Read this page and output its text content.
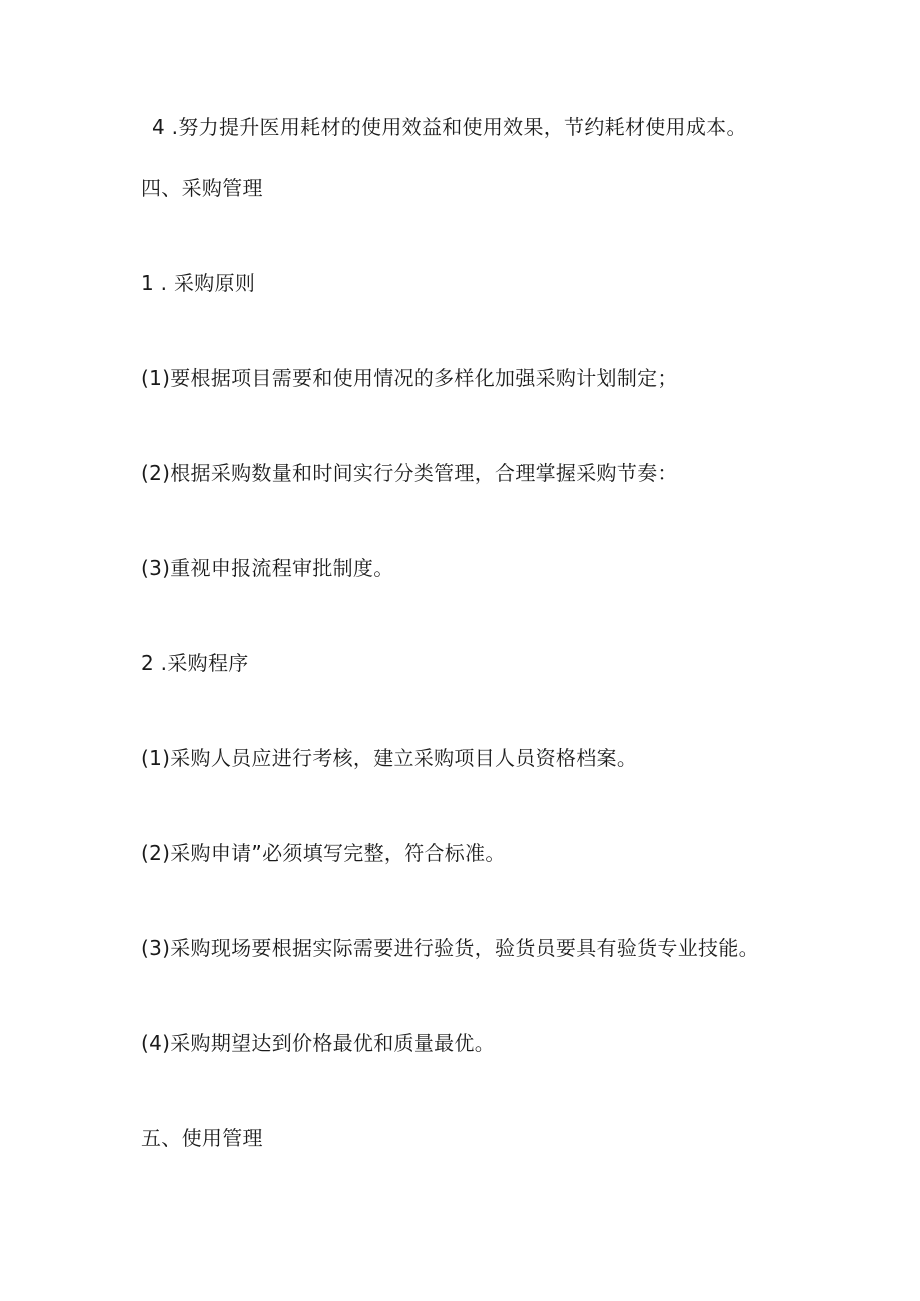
4 .努力提升医用耗材的使用效益和使用效果，节约耗材使用成本。
四、采购管理
1 . 采购原则
(1)要根据项目需要和使用情况的多样化加强采购计划制定；
(2)根据采购数量和时间实行分类管理，合理掌握采购节奏：
(3)重视申报流程审批制度。
2 .采购程序
(1)采购人员应进行考核，建立采购项目人员资格档案。
(2)采购申请”必须填写完整，符合标准。
(3)采购现场要根据实际需要进行验货，验货员要具有验货专业技能。
(4)采购期望达到价格最优和质量最优。
五、使用管理
